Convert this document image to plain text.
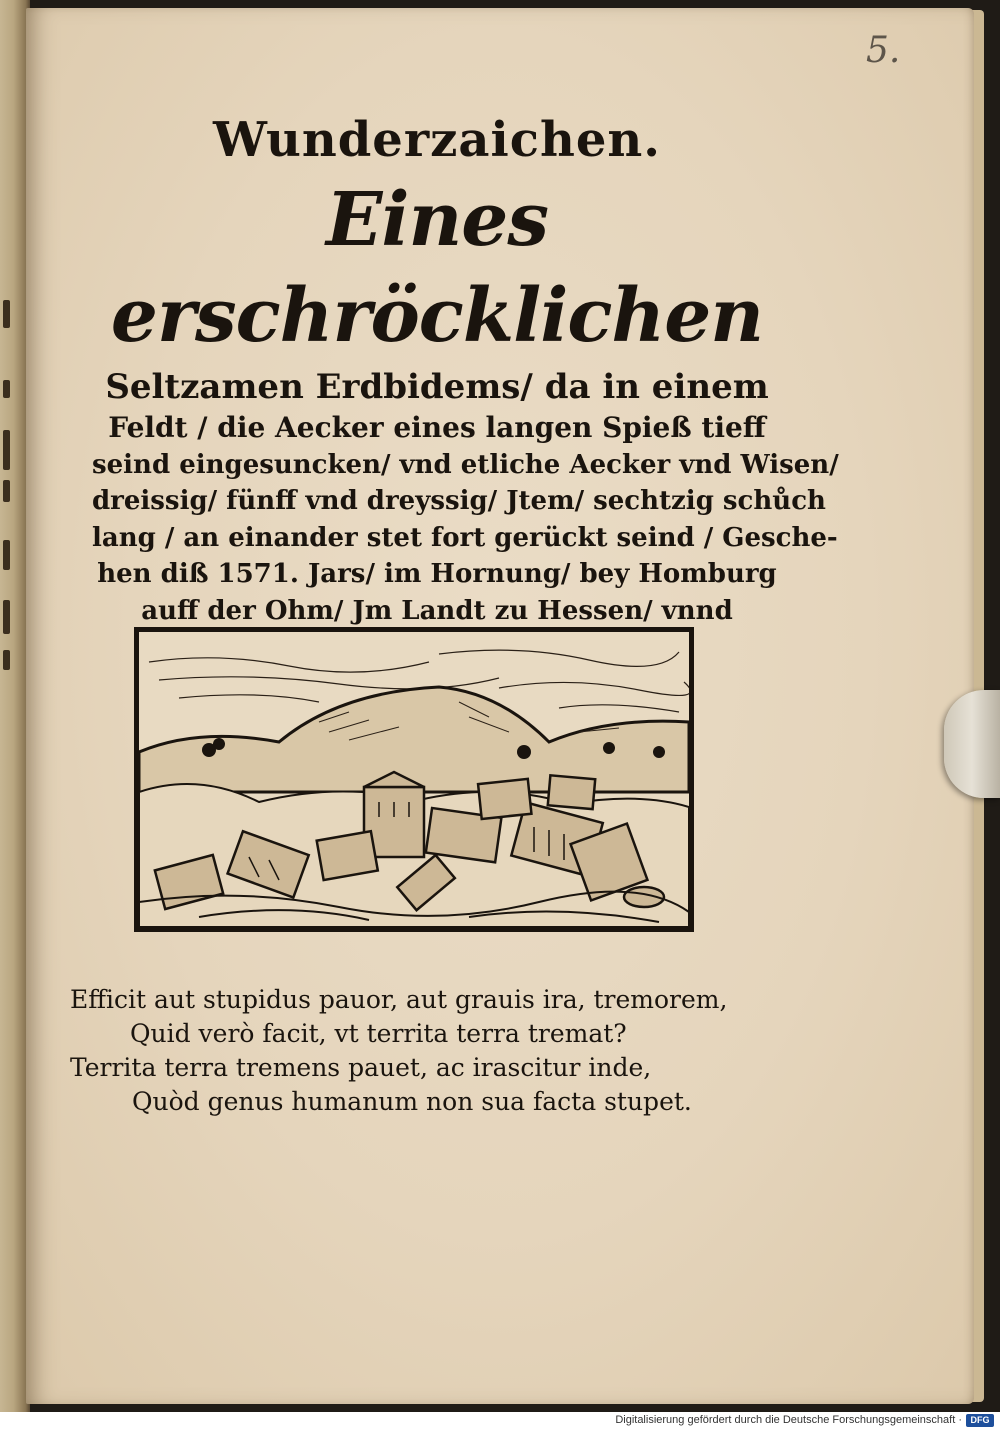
5.

Wunderzaichen.

Eines erschröcklichen

Seltzamen Erdbidems/ da in einem

Feldt / die Aecker eines langen Spieß tieff

seind eingesuncken/ vnd etliche Aecker vnd Wisen/

dreissig/ fünff vnd dreyssig/ Jtem/ sechtzig schůch

lang / an einander stet fort gerückt seind / Gesche-

hen diß 1571. Jars/ im Hornung/ bey Homburg

auff der Ohm/ Jm Landt zu Hessen/ vnnd

Efficit aut stupidus pauor, aut grauis ira, tremorem,

Quid verò facit, vt territa terra tremat?

Territa terra tremens pauet, ac irascitur inde,

Quòd genus humanum non sua facta stupet.

Digitalisierung gefördert durch die Deutsche Forschungsgemeinschaft · DFG
